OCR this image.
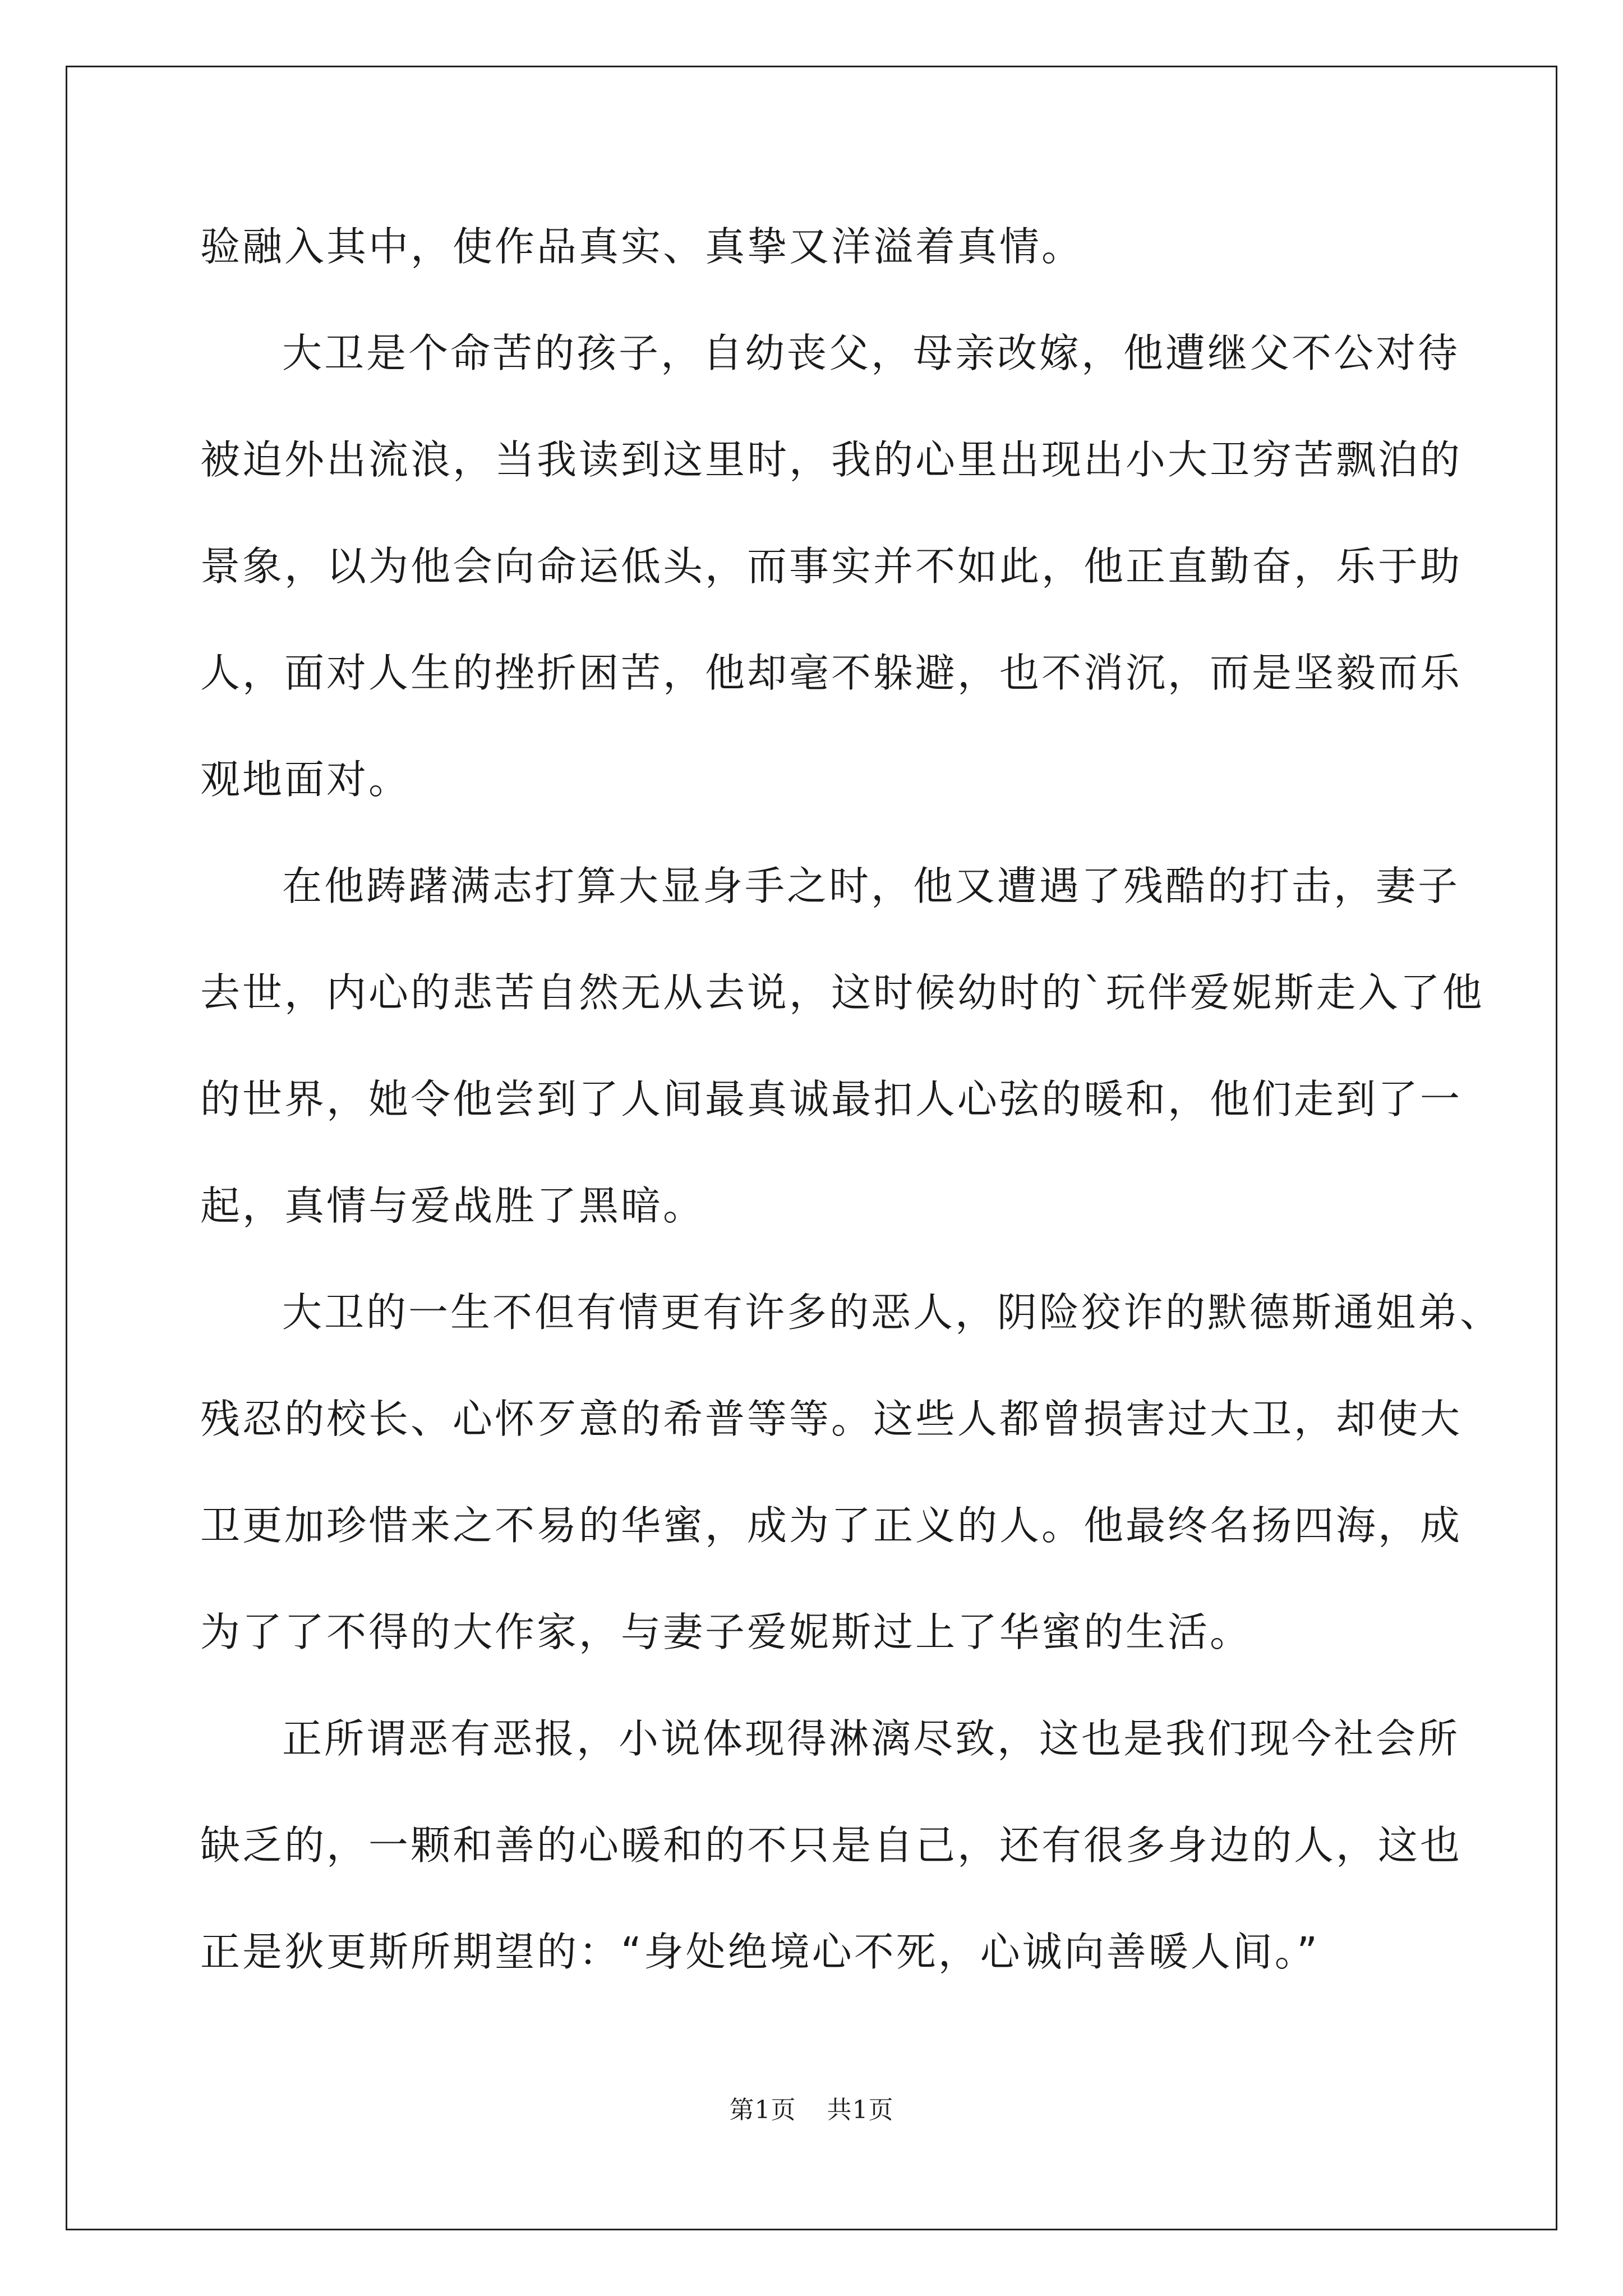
验融入其中，使作品真实、真挚又洋溢着真情。
大卫是个命苦的孩子，自幼丧父，母亲改嫁，他遭继父不公对待
被迫外出流浪，当我读到这里时，我的心里出现出小大卫穷苦飘泊的
景象，以为他会向命运低头，而事实并不如此，他正直勤奋，乐于助
人，面对人生的挫折困苦，他却毫不躲避，也不消沉，而是坚毅而乐
观地面对。
在他踌躇满志打算大显身手之时，他又遭遇了残酷的打击，妻子
去世，内心的悲苦自然无从去说，这时候幼时的`玩伴爱妮斯走入了他
的世界，她令他尝到了人间最真诚最扣人心弦的暖和，他们走到了一
起，真情与爱战胜了黑暗。
大卫的一生不但有情更有许多的恶人，阴险狡诈的默德斯通姐弟、
残忍的校长、心怀歹意的希普等等。这些人都曾损害过大卫，却使大
卫更加珍惜来之不易的华蜜，成为了正义的人。他最终名扬四海，成
为了了不得的大作家，与妻子爱妮斯过上了华蜜的生活。
正所谓恶有恶报，小说体现得淋漓尽致，这也是我们现今社会所
缺乏的，一颗和善的心暖和的不只是自己，还有很多身边的人，这也
正是狄更斯所期望的：“身处绝境心不死，心诚向善暖人间。”
第1页 共1页
